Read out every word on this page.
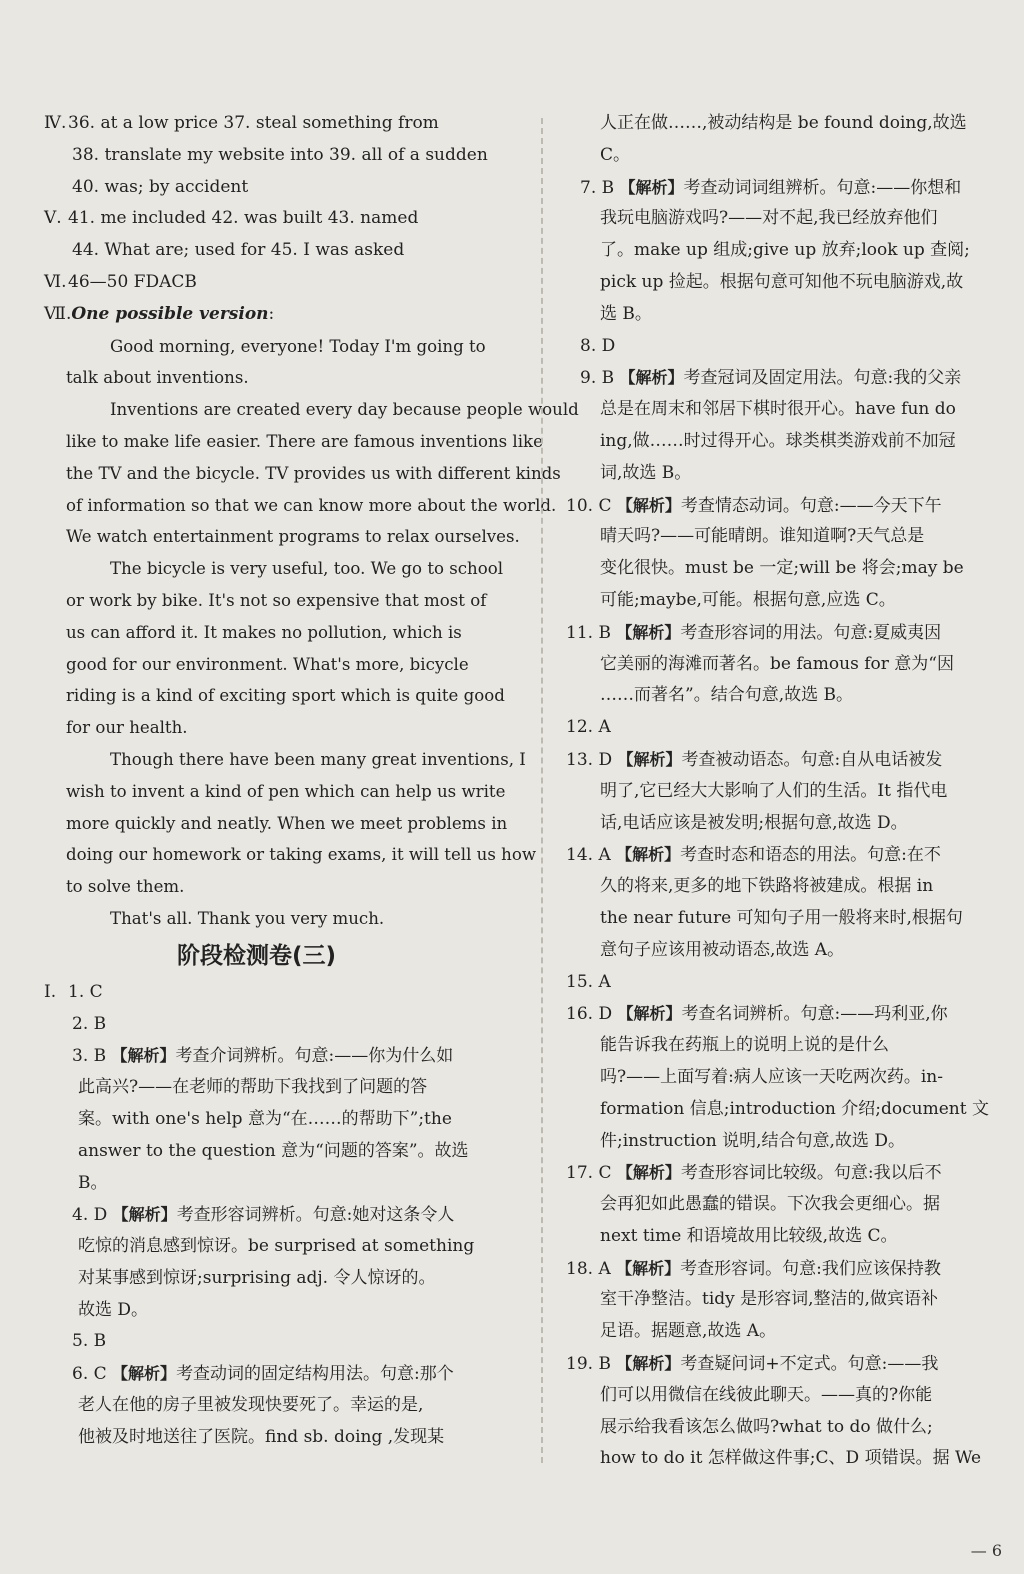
Ⅳ.36. at a low price 37. steal something from
38. translate my website into 39. all of a sudden
40. was; by accident
Ⅴ. 41. me included 42. was built 43. named
44. What are; used for 45. I was asked
Ⅵ.46—50 FDACB
Ⅶ.One possible version:
Good morning, everyone! Today I'm going to
talk about inventions.
Inventions are created every day because people would
like to make life easier. There are famous inventions like
the TV and the bicycle. TV provides us with different kinds
of information so that we can know more about the world.
We watch entertainment programs to relax ourselves.
The bicycle is very useful, too. We go to school
or work by bike. It's not so expensive that most of
us can afford it. It makes no pollution, which is
good for our environment. What's more, bicycle
riding is a kind of exciting sport which is quite good
for our health.
Though there have been many great inventions, I
wish to invent a kind of pen which can help us write
more quickly and neatly. When we meet problems in
doing our homework or taking exams, it will tell us how
to solve them.
That's all. Thank you very much.
阶段检测卷(三)
Ⅰ. 1. C
2. B
3. B 【解析】考查介词辨析。句意:——你为什么如
此高兴?——在老师的帮助下我找到了问题的答
案。with one's help 意为“在……的帮助下”;the
answer to the question 意为“问题的答案”。故选
B。
4. D 【解析】考查形容词辨析。句意:她对这条令人
吃惊的消息感到惊讶。be surprised at something
对某事感到惊讶;surprising adj. 令人惊讶的。
故选 D。
5. B
6. C 【解析】考查动词的固定结构用法。句意:那个
老人在他的房子里被发现快要死了。幸运的是,
他被及时地送往了医院。find sb. doing ,发现某
人正在做……,被动结构是 be found doing,故选
C。
7. B 【解析】考查动词词组辨析。句意:——你想和
我玩电脑游戏吗?——对不起,我已经放弃他们
了。make up 组成;give up 放弃;look up 查阅;
pick up 捡起。根据句意可知他不玩电脑游戏,故
选 B。
8. D
9. B 【解析】考查冠词及固定用法。句意:我的父亲
总是在周末和邻居下棋时很开心。have fun do
ing,做……时过得开心。球类棋类游戏前不加冠
词,故选 B。
10. C 【解析】考查情态动词。句意:——今天下午
晴天吗?——可能晴朗。谁知道啊?天气总是
变化很快。must be 一定;will be 将会;may be
可能;maybe,可能。根据句意,应选 C。
11. B 【解析】考查形容词的用法。句意:夏威夷因
它美丽的海滩而著名。be famous for 意为“因
……而著名”。结合句意,故选 B。
12. A
13. D 【解析】考查被动语态。句意:自从电话被发
明了,它已经大大影响了人们的生活。It 指代电
话,电话应该是被发明;根据句意,故选 D。
14. A 【解析】考查时态和语态的用法。句意:在不
久的将来,更多的地下铁路将被建成。根据 in
the near future 可知句子用一般将来时,根据句
意句子应该用被动语态,故选 A。
15. A
16. D 【解析】考查名词辨析。句意:——玛利亚,你
能告诉我在药瓶上的说明上说的是什么
吗?——上面写着:病人应该一天吃两次药。in-
formation 信息;introduction 介绍;document 文
件;instruction 说明,结合句意,故选 D。
17. C 【解析】考查形容词比较级。句意:我以后不
会再犯如此愚蠢的错误。下次我会更细心。据
next time 和语境故用比较级,故选 C。
18. A 【解析】考查形容词。句意:我们应该保持教
室干净整洁。tidy 是形容词,整洁的,做宾语补
足语。据题意,故选 A。
19. B 【解析】考查疑问词+不定式。句意:——我
们可以用微信在线彼此聊天。——真的?你能
展示给我看该怎么做吗?what to do 做什么;
how to do it 怎样做这件事;C、D 项错误。据 We
— 6
